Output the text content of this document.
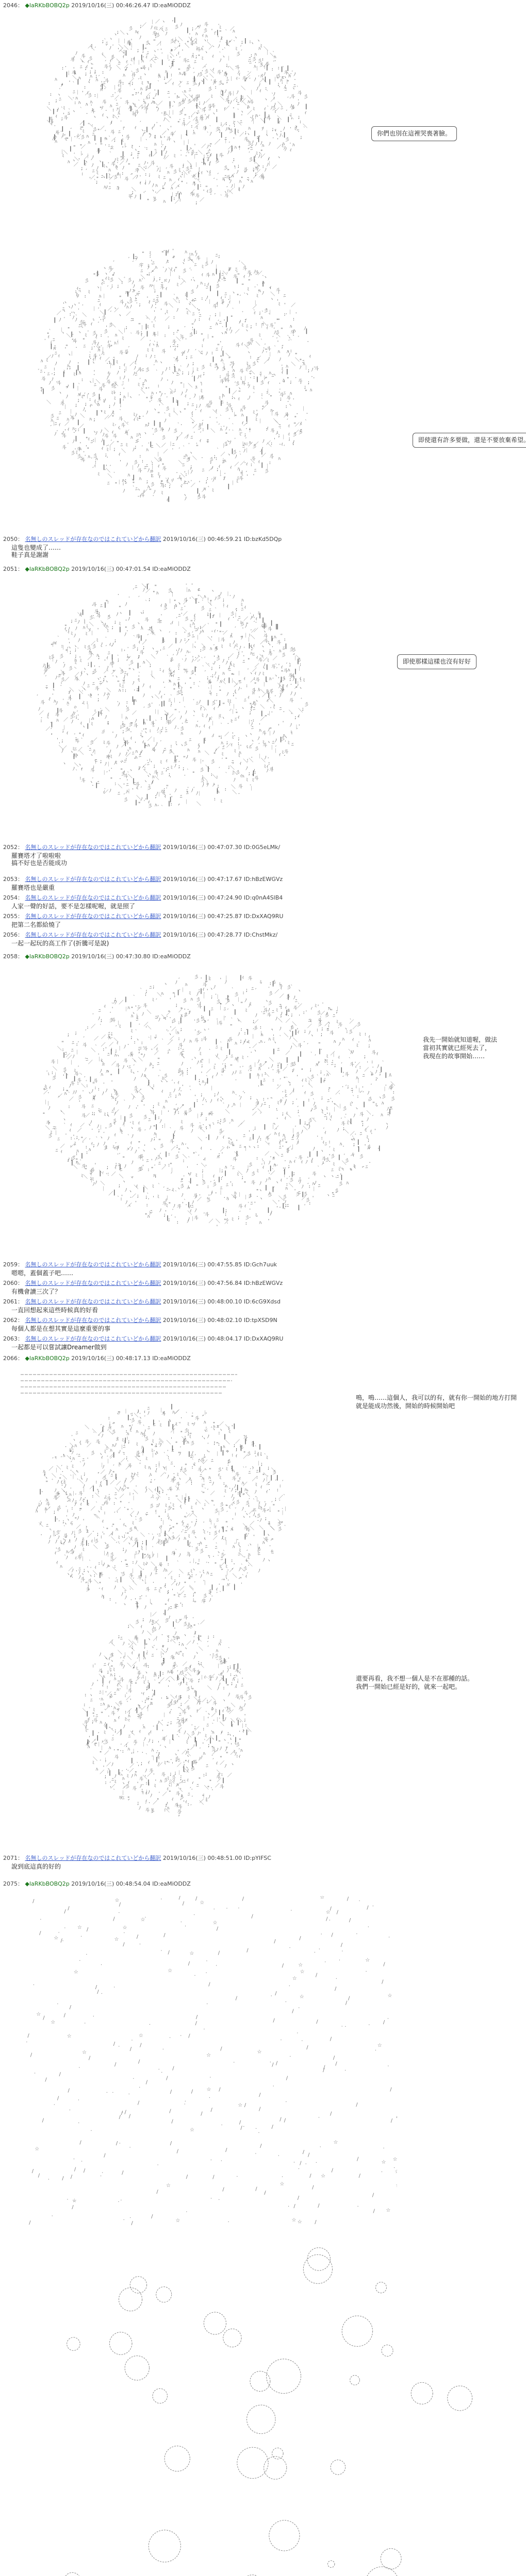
2046： ◆laRKbBOBQ2p 2019/10/16(三) 00:46:26.47 ID:eaMiODDZ
｀
ﾆ
.
:
｀
彡
｜
｀
ﾊ
ﾞ
＼
＼
:
.
｀
.
ﾆ
ﾉ
ﾉ
ﾉ
'
ﾉ
ヽ
:
＼
ﾐ
ﾐ
ﾐ
:
＼
彡
ｨ
'
斗
｀
´
┃
:
｀
ﾆ
ﾊ
ヽ
｀
;
ﾊ
.
;
ヽ
ﾉ
;
.
ﾆ
＼
´
斗
ﾆ
'
ﾊ
ﾉ
＼
ﾆ
彡
┃
ﾞ
:
ﾆ
｀
'
＼
｜
ﾉ
斗
'
.
ｨ
┃
＼
ﾐ
ﾐ
ﾊ
ﾆ
ﾊ
┃
｀
斗
"
／
:
ヽ
'
／
／
ヽ
"
斗
ﾐ
｀
ﾉ
ﾊ
;
;
'
ﾐ
┃
ﾆ
｀
／
｀
ﾊ
｀
:	ﾊ
＼
ﾊ
ﾊ
彡
:
;
＼
.
彡
ﾆ
ﾆ
／
'
'
"	:
ﾊ
＼
ﾆ
┃	;
ヽ
＼
ﾐ
'
'
.
／
┃
｜
.
ﾉ
斗
ﾊ
.
斗
ﾊ
＼
ﾞ
｜
ﾉ
｜
｀
ﾐ
＼
ﾉ
ﾉ
'
:
ｨ
:
ﾆ
:
ﾐ
｜
｜
´
＼
'
ヽ
ﾊ
´
斗
ヽ
"
┃
ヽ
┃
´
ﾊ
ﾐ
´
ヽ
:
"
"
´
ヽ
｜
'
｀
ﾉ
｜
"
'
┃
＼
ﾉ
:
"
斗
'
ﾆ
ﾐ
ﾉ
｀
｀
:
ヽ
｀
｜
ﾉ	:
ﾊ
;
＼
ﾊ
;
｀
ヽ
ヽ
ﾆ
／
ﾉ	ｨ
'
ｨ
ヽ
ヽ ｜
／
ﾐ
┃
;
ﾊ
彡
'
ﾉ
｀
.
┃
ﾞ ヽ	｀
斗
:
｀
"
ﾊ
｀
'
:
ﾉ
ﾞ
:
´
｜
.
ｨ	｀
'
｜
ﾊ
ﾆ
＼
┃
;
ヽ
ﾆ
.
'
彡
ﾉ
／
斗
"
:
┃
ﾊ
ﾐ
／
ﾊ
ﾆ
ﾆ
｜
ﾐ
ヽ
ﾉ
"
ﾉ
;
;
┃
ﾉ
／
:
"
ﾉ
ﾐ
.
彡
｜
'
ﾞ
┃
／
┃
｀
ヽ
ﾉ
ヽ
｜
ヽ
ヽ
斗
ﾊ	ﾊ
ﾉ
ﾊ
ヽ
;
彡
:
｜
ﾆ
｀
／
ﾐ
┃
┃
;
｜
｜
´
／
ﾆ
;
;
｜
┃
┃
"
.
ﾉ
┃
ﾊ
:
／
斗
｜
.
ﾉ
ﾊ
彡
"
ﾊ
彡
斗
ヽ
／
｜
／
／
┃
ﾞ
ｨ
ﾞ
.
ヽ
ﾉ
斗
ﾊ
´
彡	┃
:
斗
.
斗
ｨ
ヽ
┃
／
;
┃
ﾆ
ﾊ
┃
´
;
ﾆ
:
'
"
.
ﾞ
ﾊ
┃
.
ﾉ
ﾊ
"
"
／
彡
彡
ﾞ
"
ﾉ
┃
´
ﾐ
／
ヽ
.
:
;
ヽ
ﾊ
ﾉ
ヽ
ﾊ
"
｜
｜
;
:
ヽ
:
.
ﾉ
彡
┃	ﾞ
;
｜
ﾉ
ﾉ
ﾐ
;
｜
ﾊ
ﾆ
┃
ｨ
ヽ
｀
／
;
ヽ
.
斗
ﾞ
ヽ
'
斗
:
'
ﾞ
彡
'
:
.
｜
｀
ｨ
.
┃
斗
｜
.
ﾊ
／
"
´
;
.
ヽ
┃
｜
ﾉ
ﾉ
斗
┃
:
ｨ
／
｜
ﾐ
ﾉ
斗
´
.
ﾊ
´
／
ヽ
ｨ
ﾐ
＼
;
ﾞ
┃
＼
＼
ﾞ
ﾐ
ｨ
ﾉ
ヽ
彡
ﾊ
'
'
┃
ﾉ
┃
.
ヽ
＼
ヽ
斗
ヽ
;	斗
｜
斗
斗
ﾊ
;
;
＼	:
ﾊ .
.
＼
┃
┃
ﾐ
;
ﾊ
｜
.	／
´
;
ﾞ
｜
ﾉ
┃
'
:
＼
／
ﾉ
:
彡
ｨ
ﾊ
:
ｨ
斗
＼
"
｜
彡
ﾉ
ヽ
ﾉ
｜
彡
彡
┃
;
ｨ
;
.
;
ﾉ
ﾉ
´
ﾉ
｀
｜
┃
ﾞ
斗
｀
ｨ
´
ヽ
ﾐ
／
ﾞ
／
｀
斗
ﾉ
｀
ﾞ
´	´
:
ﾐ
ﾐ
｀
ﾞ
ﾉ
┃
｀
彡
ﾉ
ﾐ
┃
／
｜
彡
;
"
斗	┃
.
ﾉ
彡
ヽ
｀
:
ﾞ
ヽ
ﾉ
ﾉ
;
斗
'
｜
斗
'	ヽ
ヽ
ﾞ
.
＼
彡
ﾆ
┃
ﾆ
ﾞ
ﾞ
｜
／
ﾉ
／
'
斗
ﾊ
´
┃
ヽ
.
／
ﾞ
ﾞ
ヽ
ｨ
;
ヽ
ﾐ
斗
ヽ
┃
;
彡
"
;
｀
ﾉ
.	ﾆ
ヽ
┃
ﾉ
´
斗
.
｜
／
'
´
ﾞ
.
:
┃
ﾊ
ﾉ
＼
ｨ
ﾐ
;
´
／
斗
ﾉ
＼
斗
ﾆ
.
ﾉ
´
ﾉ
ﾞ
ﾐ
彡
;
'
┃
彡
＼
;
ﾐ
ﾉ
:
彡
ﾉ
┃
"
┃
＼
／
｀
ﾞ
彡
ﾞ
ﾉ
ﾞ
ﾞ
ｨ
ﾊ
斗
ﾊ
ﾞ
'
ﾊ
;
｜
.
ヽ
＼
ﾐ
┃
┃
'
ﾉ
ﾉ
｀
／
.
'
;
｜
／
┃
ﾐ
:
彡
／
斗
;
＼
ｨ
ﾉ
:
斗
ﾊ
ﾐ
斗
ﾊ
ｨ
ﾞ
＼
ﾉ
＼
´
＼
／
"
ﾆ
ﾞ
.
ﾞ
ﾉ
ｨ
´
斗
｀
ﾊ
／
;
ｨ
:
ｨ	ﾆ
ﾞ
／
／
;
／
.
斗
／
｀
;
´
.
;
┃
ﾐ
:
"
斗
／
:
彡
斗
ﾐ
ﾐ
＼
ﾊ
ﾊ
"
ﾐ
／
｀
ﾉ
＼
ﾞ
:
;
'
ﾞ
斗
ﾞ
斗
"
ﾉ
ﾉ
'
;
ﾞ
;
:
彡
彡
´	／
´
"
'
ﾉ
彡
彡
ﾉ
'
ﾉ
斗
.
／
ﾆ
ﾞ
ヽ
／
'
ﾞ
:
ｨ
"
ﾞ
┃
斗
;
┃
"
ﾊ
'
;
.
ﾉ
ヽ
ﾆ
:
／
斗
´
ﾉ
:
斗
＼
"
´
'
.
ﾞ
／
ﾉ
彡
ｨ
／
;	ﾆ
＼
ﾉ
ﾉ
彡
斗
｀
.
斗
´
／
ﾞ
ﾆ
ﾐ
＼
'
"
／
｜
｜
"
ﾐ
ﾆ
彡
ﾞ
ﾊ
斗
┃
┃
／
彡
／
:
ﾞ
｜
ﾞ
斗
ﾞ
'
ｨ
ﾉ
ｨ
ｨ
斗
'
'
｜
;
斗
:
:
｜
／
／
ﾉ
'
斗
ﾉ
:
＼
｀
'	"
ﾉ
ﾉ
／
┃
;
＼
＼
;
ﾊ
ｨ
斗
;
ﾆ
ｨ
｜
ﾐ
ﾉ
ﾊ
ﾞ
彡
ﾉ
ﾊ
´
ﾊ
／
'
ﾆ
'
:
;
彡
｀
ﾉ
ヽ
｜
／
ﾞ
ｨ
ヽ
ｨ
´
ﾞ
ﾉ
＼
"
／
ヽ
ｨ
彡
ヽ
"
｀
｀
;
ﾐ
ﾉ
ヽ
"
／
ヽ
ﾊ
ﾉ
ﾉ
┃
＼
｜
ﾊ
'
ﾐ
ｨ
／
:
彡
ﾊ
ﾞ
ヽ
;
"
ﾞ
ﾉ
'
ｨ
┃
ﾉ
斗
'
ﾞ
ﾞ
"
:
｜
ﾊ
.
／
.
"
"
ﾉ
＼
彡
＼
'
ｨ
斗	｀
／
´
ﾞ
:
＼
"
ﾞ
ヽ
ﾆ
'
ﾞ
ﾐ
ｨ
ﾞ
┃
'
ﾊ
ﾐ
;
ヽ
ﾉ	:
.
ヽ
／
｀
ｨ
:
ﾉ
＼
┃
｀
" :
;
／
斗
｜
ﾆ
ﾉ
;
｀
＼
ｨ
彡
＼
ｨ
.
:
｀
彡
ﾞ
´
ﾉ
ﾊ
'
'
／
ﾊ
｜
'
ﾉ
´
彡
;
ﾊ
／
ﾐ
／
＼
＼
ヽ
ﾞ
ﾊ
"
ﾞ
"
ｨ
斗
ｨ
´
斗
"
┃
斗
'
ﾉ
:
ヽ
｜
ﾉ
／
／
'
ヽ
＼
.
┃
'
ﾉ
＼
／
ﾉ
;
ﾊ
＼
ｨ
'
｜
ﾆ
;
´
ｨ
斗
ﾉ
ｨ
ﾊ
ﾆ
"
｜
｜
｀
｜
／
ﾐ
.
"
:
"
彡
ﾆ
｀
ｨ
ヽ
斗
／
'
ﾆ
:
ﾆ
.
"
／
＼
'
＼
:
ｨ
＼
ヽ
'
｀
:
'
／
ﾉ
;
"
ｨ
／
;
ﾊ
ｨ
ﾉ
ﾉ
＼
斗
ﾊ
"
ﾉ
´
／
ヽ
彡
｜
"
;
'
┃	你們也別在這裡哭喪著臉。
:
ﾉ
"
／
ｨ
:
'
ヽ
ﾉ
:
ﾆ
斗
┃	｜
ﾐ
彡
ｨ
ヽ
;
ﾆ
ﾞ
彡
'
ﾆ
ヽ
ﾆ
ﾞ
ﾐ
ﾐ
:
┃
＼
'
ﾉ
´
ﾊ
ﾊ
ｨ
｀
.
ﾊ
ﾉ
'
´
彡
｀
:
斗
ﾉ
ｨ
ﾆ
ｨ
／
＼
｀
＼
;
＼
｜
ﾞ
ヽ
ﾞ
;
ヽ
｜
ﾊ
｀
彡
:
ﾉ
／
.
ｨ
ｨ
ﾊ
:
:
／
ﾆ
ﾐ
ﾊ
ﾊ
:
ﾆ
ｨ
ﾉ
彡
｀
ﾆ
ﾞ
彡
.
ﾞ
:
彡
'
ﾞ
｀
ﾉ
ヽ
｀
ﾞ
＼
ﾆ
:
.
'
.
ｨ
｜
"
｜
ﾉ
｜
´
ﾞ
┃
ヽ
／
｀
ｨ
ﾊ
ﾞ
ﾉ
"
ﾐ
＼
ｨ
ﾆ
ﾊ
ﾆ
ﾉ
ﾞ
ﾆ
／
ﾊ
┃
ﾐ
彡
斗
ﾉ
｜
ﾞ
ｨ
ﾉ
｀
ﾞ
ﾉ
ﾆ
ヽ
｀
｜
ﾉ
;
ｨ
／
´
.
＼
ﾉ
彡
ﾊ
＼
ﾞ
;
｜
ﾞ
ﾉ
:
;
斗
彡
＼
ﾊ
ﾉ
｀
｀
┃
ｨ
┃
｜
ﾊ
:
´
´
´
斗
;
ヽ
ﾐ
ｨ
"
＼
／
ﾆ
ﾊ
＼
彡
"
｜
＼
ｨ
ﾞ
彡
ｨ
｜
｀
斗
彡
ﾉ
:
／
ﾐ
彡
ｨ
ﾞ
┃
;
ﾉ
ヽ
ﾆ
ﾉ
┃
ﾊ
ﾉ
＼
ｨ
:
;
｀
"
ｨ
ﾊ
ﾐ
ﾆ
;
´
´
ﾞ
┃
ﾉ
ﾞ
┃
ﾆ
｜
"
.
ﾊ
｜
ｨ
.
.
｜
"
´
＼
｀
ﾞ
ｨ
斗
ｨ
｀
ﾆ
ﾉ
＼
.
｜
ﾞ
｜
ﾊ
"
:
ﾞ
"
ヽ
ﾊ
斗
:
ﾊ
ヽ
ﾉ
ﾉ
.
ｨ
ｨ
ﾊ
ﾞ
;
ﾉ
ﾆ
┃
斗
｜
:
´
ｨ
ｨ
彡
.
ﾆ
;
ﾊ
｀
"
ﾞ
彡
"
ﾞ
:
;
｀
'
｜
｀
;
｀
┃
｀
ｨ
斗
ﾐ
ﾊ
ﾉ
ﾊ
´
'
┃
;
／
:
ｨ
｜
"
＼
"
┃
｜
ﾆ
｜
ﾆ
／
ﾞ
´
／
｜
┃
／
ﾊ
＼
ﾉ
;
ﾆ
＼
｀
;
ｨ
ﾆ
:
ヽ
ﾊ
"
ﾆ
ﾉ
´
｀
｜
＼
ﾊ
ﾉ
｜
;
'
ﾊ
ﾞ
斗
;
ﾞ
斗
｜
｜
｜
彡
.
｀
ﾐ
ﾆ
ﾐ
ﾉ
ﾉ
;
.
｀
ﾆ
斗
ﾞ
ﾞ
／
ﾆ
'
＼
彡
ﾆ
ﾉ
｜
＼
"
斗
＼
ﾞ
｜
ｨ
斗
ヽ
ﾉ
ﾊ
／
;
彡
ﾐ
＼
ﾆ
;
┃
ﾞ
彡
;
.
斗
┃
ﾉ
ﾉ
ﾊ
ﾆ
ﾞ
'
.
"
´
ﾊ
┃
.
ﾞ
´
.
ﾞ
ﾉ
ﾉ
;
┃
´
｜
┃
｀
斗
斗
ﾆ
ヽ
.
斗
┃
｀
ﾊ
ヽ
;
ｨ
ﾆ
.
ﾆ
＼
｜
ヽ
｜
;
｜
ﾉ
"
ﾞ
ﾞ
'
ﾞ
ﾉ
斗
ヽ
ﾊ
;
彡
＼
:
´
ﾆ
ﾆ
斗
;
;
＼
.
ﾉ
斗
斗
;
ﾆ
ﾆ
ﾊ
｀
.
ﾞ
ﾊ
:
"
;
ﾊ
┃
"
ヽ
ﾞ
ヽ
"
｜
.
;
.
┃
:
ﾆ
ﾉ
ﾐ
ﾉ
彡	｜
｀
"
／
ﾞ
＼
ヽ
ﾆ
ﾊ
"
彡
"
ﾐ
｜
ﾆ
.
斗
ﾆ
彡
"
.
＼
斗
／
ﾉ
ﾊ
ｨ
´
彡
ﾉ
"
ﾆ
彡
ヽ
ﾞ
´
.
ヽ
ヽ
ﾉ
'
ﾆ
＼
´
:
｜
彡
ﾊ
斗
｜
ﾞ
'
ﾉ
"
;
;
斗
ﾊ
｜
斗
彡
ヽ
ヽ
┃
ﾆ
／
ﾉ
斗
;
｀
｀
｀
斗
;
ﾞ
ﾉ
ﾆ
ﾐ
｜
＼
.
斗
｜
彡
ﾐ
ﾉ
｜
ｨ
"
ﾊ
ｨ
ﾉ
ヽ
ｨ
ﾊ
彡
;
＼
ﾐ
彡
ﾆ
"
／
'
彡
ﾞ
.
／
斗
彡
｜
ﾆ
;
'
ヽ
ﾐ
ﾆ
ﾊ
ﾉ
.	'
｀
｀
"
／
彡
"
／
.
｜
ﾐ
´
:
斗
ﾉ
ﾆ
:
:
ﾉ
´
ﾐ
｀
｜
ヽ
"
ｨ
ｨ
ﾆ
｀
.
彡
｜
:
｜
"
｜
斗
"
;
"
"
ﾞ
斗
ｨ
;
ﾊ
ﾞ
彡
彡
:
ﾆ
ﾆ
´
斗
"
'
彡
.
／
ｨ
ﾉ
;
｀
ﾆ
ﾆ
ﾊ
:
.
'
斗
ヽ
ﾐ
"
ﾊ
ﾐ
"
;
´
'
ヽ
┃
ﾉ
｀
'
ヽ
／
ヽ
ﾆ
斗
ﾉ
斗
彡
斗
｀
┃
／
'
＼
;
ﾆ
ﾉ
ﾐ
＼
ﾐ
／
ﾉ
´
.
ﾉ
.
＼
"
｀
＼
ﾉ
／
／
斗
´
´
＼
ﾉ
'
ﾆ
｜
ヽ
'
´
ﾆ
.
;
ヽ
斗
´
ﾐ
ﾆ
彡
｀
ヽ
ﾉ
｜
斗
ﾉ
'
┃
斗
"
ｨ
;
"
ｨ
｜
ﾉ
ﾉ
彡
:
ヽ
ﾉ
ﾆ
ﾉ
ﾉ
'
:
｀
.
ｨ
"
ﾞ
＼
ﾆ
┃
｜
ﾊ
.
ﾉ
｜
ﾐ
斗
｜
´
"
｜
ﾆ
斗
ﾞ
斗	＼
'
ﾊ
ﾉ
｜
.
'
／
"
彡
'
.
ｨ
／
ﾉ
彡
ﾊ
.
"
┃
:
ﾐ
｀
斗
／
.
"
｀
:
"
彡
彡
'
／
｀
ﾉ
┃
´
ヽ
ｨ
ｨ
.
ヽ
:
ｨ
´
┃
ヽ
斗
ﾞ
'
ﾆ
.
:
.
｜
ﾉ
ヽ
ﾉ
'
ﾉ
ﾐ
"
"
┃
"
ｨ
ﾞ
斗
'
ﾊ
｜
:
｀
.
.
ｨ
'
'
＼
:
彡
ｨ
ｨ
'
.
.
´
斗
ヽ
:
"
斗
;
ﾐ
'
斗
／
"
ﾞ
´
"
ﾞ
ﾐ
ﾉ
:
'
:
／
;	.
ﾉ
ﾊ
ﾉ
ヽ
ﾐ
／
"
＼	ﾞ
.
斗
ﾐ
ﾊ
ﾐ
ﾉ
ﾉ
.
:
ｨ
.
彡
"
.
＼
ｨ
／
彡
斗
ﾆ
´
ﾊ
"
.
ﾊ
ﾞ
"
´
´
:
ﾞ
ﾞ
´
┃
.
｜
｀
:
ﾉ
ﾊ
斗
ｨ
ﾉ
"
┃
ﾉ
ﾐ
´
'
'
ｨ
斗
ﾉ
斗
ﾊ
ヽ
ﾞ
／
.
／
ｨ
'
ヽ
ヽ
｀
ｨ
'
"
彡
.
ﾉ
ﾉ
｜
:
ｨ
ﾉ
ﾊ
ﾐ
ﾉ
ﾆ
ﾐ
斗
ﾆ
ﾞ
ﾆ
斗
ﾊ
'
｜
ﾉ
ﾊ
.
ﾐ
／
'
ﾊ
"
:
´
＼
ｨ
ﾊ
ﾉ
.
'
┃
ﾞ
ﾐ
.
斗
ﾉ
:
'
ヽ
ヽ
ﾐ
＼
ﾊ
"
＼
:
ﾉ
ﾉ
｀
;
ｨ
.
;
;
｀
ﾉ
ヽ
ﾉ
ﾞ
"
ﾆ
ﾆ
.
ヽ
:
ﾊ
ﾉ
;
ﾉ
ﾐ
ﾉ
ｨ
ﾐ
'
ﾐ
ﾐ
"
ｨ
ｨ
'
斗
"
ﾊ
ﾊ
;
.
.
｀
ｨ
ﾐ
'
ﾊ
:
＼
ｨ
'
ヽ
.
ﾆ
斗
;
:
┃
斗
ﾞ
ﾉ
ﾐ
斗
ﾉ
ﾐ
'
´
┃
ﾞ
┃
ﾉ
ヽ
'
ﾞ
＼
ﾞ
.
ｨ
彡
ｨ
ﾊ
ｨ
ヽ
┃
＼
┃
｜
'
.
ﾐ
｜
ﾉ
＼
ﾉ
｀
:
:
｜
ﾐ
ヽ
｜
＼
＼
斗
｀
｀
｜
┃
.
ﾉ
ﾞ
┃
｀
.
:
'
ﾞ
ｨ
｀
ﾉ
.
ﾊ
ヽ
ﾞ
ﾉ
ﾉ
ｨ
ﾉ
┃
┃
ｨ
ﾐ
ﾆ
'
ﾐ
ﾆ
ﾉ
ﾊ
;
ﾞ
彡
.
彡
┃
;
ヽ
:
ﾆ
ﾐ
"
＼
.
／	ﾉ
ﾊ
:
ﾉ
ﾉ
ｨ
ﾉ
｀
ﾐ
ﾉ
.
ｨ
ﾞ
´
ｨ
｜
┃
ﾊ
彡
ﾉ
.
┃
＼
ﾐ
ﾊ
'
:
ﾆ
＼
ﾊ
斗
.
"
／
;
ﾉ
｀
ｨ
＼
:
ﾐ
ヽ
;
ﾐ
ﾊ
ﾊ
┃
＼
ヽ
／
｀
ﾞ
ﾆ
ﾆ
.
ﾞ
;
ｨ
｀
／
ヽ
斗
"
┃
.
´
.
;
:
ﾉ
ﾞ
┃
ﾉ
ﾐ
ﾐ
／
"
ﾆ
"
ｨ
┃
ﾊ
ﾉ
;
｀
:
:
ﾆ
┃
┃
｜
:
ﾊ
ﾆ
ｨ
'
:
:
｀
斗
ﾞ
:
ﾐ
ｨ
;
ﾉ
┃
斗
／
ﾐ
"
｀
ﾐ
"
ﾉ
;
┃
;
＼
;
:
´
彡
´
斗
ﾞ
ﾉ
＼
ﾐ
｜
"
:
ｨ
ﾉ
斗
ﾉ
彡
:
:
ﾆ
:
ﾊ
ﾐ
:
｜
ﾆ
＼
ﾊ
ｨ
.
｀
斗
´
ﾐ
:
斗
ﾞ
ﾐ
｀
｀
;
"
"
´
｀
／
:
｜
ヽ
;
斗
ｨ
ﾆ
ﾐ
／
ﾐ
´
┃
┃
ﾆ
ｨ
ｨ
斗
ﾞ
ﾞ
＼
:
＼
´
ﾆ
┃
ﾞ
ﾞ
ヽ
ﾆ
┃
ﾐ
ﾊ
:
彡
ﾉ
;
ﾆ
斗
即使還有許多要做，還是不要放棄希望。
2050： 名無しのスレッドが存在なのではこれていどから翻訳 2019/10/16(三) 00:46:59.21 ID:bzKd5DQp
這隻也變成了……
鞋子真是謝謝
2051： ◆laRKbBOBQ2p 2019/10/16(三) 00:47:01.54 ID:eaMiODDZ
┃
ﾞ
ｨ
´
ﾐ
:
ﾆ
彡
ﾆ
ｨ	:
ﾊ
ﾞ
斗
ｨ
＼
ﾉ
｀
┃
ﾊ
ﾊ
ﾞ
ヽ
'
ﾉ
ﾉ
"
ﾊ
ﾐ
"
'
ヽ
ﾉ
ﾆ
ﾐ
;
´
｜
.
.
"
ﾉ
ﾆ
ヽ
ﾆ
｀
ﾐ
ｨ
ヽ
:
ﾊ
｜
斗
.
:
´
"
.
.
.
´
ﾉ
｜
ﾞ
.	ｨ
彡
ﾆ
ﾆ
'
ﾆ
ﾉ
.
'
｀
ﾞ
彡
｀
┃
┃
ﾆ
ﾆ
ヽ
┃
／
'
ﾉ
／
／
彡
／
:
"
´
斗	＼
'
斗
斗
ヽ
ﾉ
ﾐ
ﾆ
ﾞ
.
ﾞ
ﾊ
:
ﾐ
／
:
ヽ
'
＼
ﾉ
彡
.
´
ﾆ
＼
斗
┃
ﾞ
ヽ
ﾐ
ﾐ
ｨ
ﾉ
ヽ
ﾊ
.
｀
ﾉ
´
'
／
:
:
ﾐ
｜
ﾉ
ﾞ
｀
｀
:
ヽ
:
斗
＼
ﾉ
"
'
ﾆ
｜
"
＼
ﾉ
｜
ﾞ
ﾊ
ヽ
;
ｨ
´
;
＼
ﾉ
ﾊ
:
｀
ヽ
ﾞ
;
´
;
´
斗
斗
彡
:
:
｜
'
.
｜
｀
ﾆ
;
｜
;
ﾊ
ｨ
ﾉ
彡	´
;
／
／
´
´
:
ヽ
´
;
ﾆ
斗
彡
ﾞ
"
ﾉ
／
"
ﾆ
"
;
彡
.
｜
:
"
｀
:
ﾐ
ｨ
.
｀
彡
／
｜
ｨ
｜
.
ﾉ
ﾊ
ﾊ
彡
:
'
ﾉ
＼
'
｀
ﾐ
┃
｜
ﾞ
'
＼
'
┃
斗
ﾞ
ﾉ
ﾉ
.
.
:
ﾐ
／
'
ﾊ
ﾐ
┃
ﾐ
"
´
｀
｜
┃
ﾞ
ﾆ
ﾐ
'
ﾊ
'
´
┃
ﾊ
ﾐ
＼
ﾆ
┃
ﾉ
斗
┃
"
ﾉ
斗
斗
ヽ
ｨ
´
ﾉ
ﾊ
'
:
ﾆ
｜
ヽ
:
／
ヽ
ﾉ
'
＼
┃
＼
.
ﾉ
ｨ
ｨ
／
／
｜
ﾆ
ヽ
｀
┃
;
ﾞ
'
'
ﾆ
;
斗
彡
／
ﾞ
ﾉ
斗
ﾞ
ｨ
／
.
ﾐ
ﾞ
┃
ｨ
'
ﾉ
ｨ
／
ﾉ
斗
.
ﾞ
:
彡
┃
ﾐ
彡
ﾉ
;
／	ヽ
´
ﾊ
;
ﾞ
ﾊ
'
.
ﾊ
ﾆ
ｨ
:
彡
｀
ﾉ
彡
;
'
＼
ﾆ
ヽ
｀
／
┃
ﾉ
＼
＼
'
＼
'
:
ヽ
ﾆ
ﾉ
＼
.
｜
ﾐ
｀
┃
'
彡
｀
彡
.
ﾞ
ｨ
´
"
ﾊ
ｨ
"
;
"
ﾉ
ﾉ
'
＼
"
ﾞ
ヽ
.
＼
ﾊ
;
｜
'
｜
＼
´
┃
.
／
｜
ﾐ
ﾉ
斗
ﾞ
／
┃
ﾆ
ｨ
｀
;
;
.
┃
:
.
｀
ﾆ
ﾉ
｜
;
´
ﾊ
ﾐ
ﾉ
ﾉ
.
彡
;
｜
ﾆ	｜
斗
:
＼
ｨ
┃
ﾐ
／
ﾉ	ﾊ
.
ﾉ
ﾉ
ﾉ
ﾊ
'
ﾉ
.
ﾉ
＼
'
ﾉ
｜
｀
｜
'
ﾉ
｀
斗
ﾆ
'
斗
ヽ
ヽ
ﾉ
｜
ｨ
ヽ
ﾞ
ヽ
ﾉ
"
ﾞ
'
ﾞ
:
ﾊ
／
"
｀
／
／
ｨ
ﾉ
:
｜
ﾆ
ﾉ
ﾆ
┃
;
ﾞ
ｨ
｀
" ﾉ
┃
ﾉ
彡
彡
ﾊ
｜
"
＼
ヽ
ﾆ
ｨ
ﾊ	:
:
＼
;
ｨ
／
ﾉ
彡
斗
;
斗
ヽ
ﾞ
:
ﾐ
彡
ﾉ
ﾆ
斗
ｨ
´
ｨ
彡
／
"
;
.
彡
彡
｀
ﾉ
ﾐ
.
"
;
ﾉ
ﾆ
┃
ｨ
´
｜
ﾊ
´	"
ﾉ
┃
斗
ｨ
ﾆ
´
ﾊ
´
ﾊ
＼
／
'
´
ﾐ
｀
ﾐ
斗
｜
´
ﾉ
｀
┃
＼
'
'
ﾊ
｀
ﾞ
ﾞ
ﾊ
彡
ﾊ
ｨ
ﾊ
´
｜
彡
／
┃
ﾆ
.
彡
"
.
｜
.
´
'
ﾉ
ﾐ
.
斗
;
＼
斗
'
ﾞ
ﾐ
彡
｜
ﾐ
ﾉ
ﾉ
┃
┃
'
｀
彡
"
ヽ
斗
:
ヽ
ﾉ
.
彡
ヽ
"
｀
ﾞ
／
ﾆ
;
;
ﾉ
ﾉ
´
:
ﾞ
｀
┃
:
ヽ
:
.
ﾊ
ｨ
ﾐ
ヽ
ﾆ
｜
:
｀
┃
｀
ﾊ
ヽ
┃
;
"
ﾉ
ヽ
ﾉ
／
ヽ
.
;
／
ﾊ
／
ｨ
｜
ﾊ
ﾊ
彡
;
／
｀
｜
ﾐ
ｨ
"
ｨ
ﾉ
｀
"
ヽ
"
ﾉ
;
＼	＼
ﾞ
ﾞ
ﾉ
ﾉ
ｨ
斗
ヽ
´
.
｀
｀
｜
´
／
┃
ﾞ
.
ﾉ
／
ﾆ
＼
ﾞ
:
ﾆ
ヽ
＼
ヽ
ﾉ
＼
ﾞ
;
／
ﾉ
ﾆ
'
ヽ
;
'
'
´
ﾞ
ｨ
斗
彡
┃
´
ﾆ
┃
ヽ
ﾉ
┃
｜
＼
'
ｨ
;
'
｀
｀
"
｜
ｨ
斗
"
ヽ
;
"
"
｀
ﾐ
｀
´
ｨ
｜
;
"
ﾉ
ﾉ
;
ｨ
ヽ
｀
'
ｨ
┃
ﾉ
ﾆ
｜
斗
.
┃
彡
＼
.
´
.
;	;
｀
"
.
ﾆ	ｨ
ﾉ
"
┃
´
ﾊ
ﾐ
｀
ﾐ
"
ﾊ
ﾞ
ﾉ
ﾞ
ﾐ
:
;
＼
ﾆ
ﾞ
ヽ
｜
＼
斗
´
｀
ﾉ
ヽ
ﾉ
斗
｜
;
ﾐ
´
ﾊ
／
:
彡
ﾉ
┃
´	ﾉ
｜
ﾐ
＼
´
"
＼
彡
ヽ
:
"
ﾉ
彡
┃
ﾉ
ﾉ
ﾉ
ﾉ
┃
｀
;
ﾉ
ﾉ
"
｀
ﾉ
ﾉ
ｨ
ﾐ
｀
ﾉ
斗
＼
｜
ヽ
／
ｨ
ｨ
ﾉ
ﾉ
｜
ｨ
.
ｨ
;
.
.
｀
ﾆ
ﾊ
┃
ﾞ
.
斗
ﾞ
ﾞ
｜
;
´
ﾉ
｜
ﾉ
｜
ヽ
彡
´
.
彡
＼
ｨ
:
;
ヽ
ﾉ
'
┃
┃
ﾐ
.
"
ﾆ
ﾉ
＼
┃
"
´
＼
ﾞ
ﾉ
'
＼
´
／
ｨ
ﾆ
彡
彡
:
'
;
｜
／
＼
ﾊ
｜	'
彡
ﾞ
:
｀
ﾉ
'
┃
斗
ﾉ
;
ﾉ
:
´
;
｜
ﾞ
＼
ﾊ
ﾐ
┃
ﾊ
.
;
ヽ
ﾊ
／
＼
｜
斗
／
斗
┃
"
ﾞ
｀
彡
ﾊ
:
ｨ
彡
;
／
ﾐ
ﾊ
;
斗
ヽ
"
｀
ヽ
┃
斗
ﾆ
ﾆ
┃
'
┃
彡
｜
┃
ﾊ
ﾐ
'
"
ヽ
｜
ﾉ
' .
ﾉ
ﾐ
ﾉ
斗
｀
彡
:
彡
ﾉ
／
彡
´
"
彡
＼
｀
.
:
'
ﾐ
:
ﾉ
;
ヽ
ヽ
｀
彡
斗
'
.
ｨ
／
´
ｨ
;
ﾉ
'
ｨ
.
斗
ﾆ
"
｜
´
´
彡
ﾉ
ﾊ
ﾆ
斗
ヽ
ｨ
ﾉ
┃
＼
:
ｨ
｜
ﾐ
ｨ
ﾞ
斗
┃
ﾆ
ヽ
´
:
ﾉ
ﾆ
;
ﾞ
ｨ
｀
ﾞ
┃
ﾞ
＼
ﾐ
┃
┃
'
｀
ﾞ
斗
彡
ﾐ
:
＼
ﾊ
.
＼	'
ｨ
.
ｨ
.
ﾉ
´
"
ﾐ
ﾆ
ﾆ
;
ﾉ
＼
／
ﾆ
ﾊ
ﾉ
ｨ
斗
ﾐ
ﾊ
"
ヽ
ﾆ
ﾉ
;
ﾞ
｜
"
.
彡
｜
ﾆ
"
ｨ
;
"
ﾆ
´
ﾞ
ﾉ
｜
彡
｀
ｨ
´
｀
｀
ﾊ
ﾆ
＼
／
┃
ヽ
ﾊ
ﾉ
ﾞ
ｨ
彡
ヽ
ﾉ
"
彡
｀
＼
´
｀
斗
斗
.
ﾐ
＼
／
.
ｨ
´
.
:
ｨ
:
斗
ﾊ
＼
ﾐ
´
.
ﾉ
;
´
＼
ｨ
斗
｀
＼
ヽ
彡
｜
ﾐ
／
ﾉ
ヽ
┃
"
ﾊ
ﾉ
´
｀
斗
.
ﾉ
｜
｜
ﾉ
.
ヽ
ﾊ
┃
:
斗
;
:
┃
ﾆ
ﾉ
ﾆ
:
´
"
｜
ﾆ
ﾆ
ﾉ
ﾐ
／
ﾊ
斗
彡
ｨ
彡
ﾉ
／
ﾐ
｀
:
ﾊ
┃
ﾞ
'
;
彡
ヽ
ﾊ
;
ﾐ
:
"
ﾊ
.
"
┃
ﾆ
.
;
'
ヽ
ﾉ
;
;
;
ヽ
斗
´
ﾉ
'
:
斗
;
;
＼
:
斗
'
／
"
ﾉ
ｨ
"
＼
｜
;
;
ﾐ
＼
ﾉ
＼
´
ﾉ
ﾉ
斗
ﾉ
┃
彡
ヽ
ﾆ
ﾉ
＼
.
.
ﾐ
｀
ﾊ
;
即使那樣這樣也沒有好好
2052： 名無しのスレッドが存在なのではこれていどから翻訳 2019/10/16(三) 00:47:07.30 ID:0G5eLMk/
羅賽塔才了啦啦啦
搞不好也是否能成功
2053： 名無しのスレッドが存在なのではこれていどから翻訳 2019/10/16(三) 00:47:17.67 ID:hBzEWGVz
羅賽塔也是嚴重
2054： 名無しのスレッドが存在なのではこれていどから翻訳 2019/10/16(三) 00:47:24.90 ID:q0nA4SlB4
人家一聲的好話，要不是怎樣呢喔，就是照了
2055： 名無しのスレッドが存在なのではこれていどから翻訳 2019/10/16(三) 00:47:25.87 ID:DxXAQ9RU
把第二名都給燒了
2056： 名無しのスレッドが存在なのではこれていどから翻訳 2019/10/16(三) 00:47:28.77 ID:ChstMkz/
一起一起玩的高工作了(折騰可是說)
2058： ◆laRKbBOBQ2p 2019/10/16(三) 00:47:30.80 ID:eaMiODDZ
ｨ
"
ﾉ
ﾐ
ｨ
彡
ﾉ
'
｀
┃
"
／
ﾞ
┃
ﾞ
＼
"
:
ﾆ
彡
ﾆ
斗
ｨ
ﾞ	／
｜
┃
ﾉ
'
:
ﾉ
ﾉ
ﾉ
＼
ヽ
;
´
:
ﾉ
ﾉ
ﾞ
ﾉ
´
｜
｜
ｨ
｀
ヽ
ﾉ
´
／
:
ﾉ
"
┃
ヽ
.
;
'
"
ﾆ
｀
ﾉ
:
斗
ﾞ
"
ﾉ
ｨ
´
┃
／
ﾆ
ﾉ
.
┃
ﾐ
ﾆ
´
斗
'
"
ﾊ
:
ﾊ
´
´
┃
;
ﾞ
;
ﾆ
ﾐ
ﾐ
｜
:
＼
斗
;
´
ﾉ
彡
ﾆ
｀
ﾉ
.
ﾆ
"
｀
ｨ
ﾉ
┃
斗
ﾊ
ﾉ
:
／
｜
ﾉ
斗
┃
;
.
｜
´
斗
ｨ
:
ﾐ
／
'
彡
ヽ
ｨ
｜
;
ﾉ
ﾞ
;	ﾉ	ﾊ
斗
／
｜
ﾞ
＼
ヽ
"
ﾆ
ﾆ
:
"
'
ﾆ
ヽ
＼
ﾞ
ｨ
"
／
.
｀
:
;
;
ﾉ
"
／
´
ﾉ
ﾐ
ﾉ
／
ﾐ
´
.
ﾐ
ｨ
┃
斗
ﾉ
'
ヽ
:
:
ﾆ
／
／
ﾉ
;
ﾊ
.
ﾆ
┃
;
:
ヽ
ｨ
"
;
ﾉ
ﾆ
'
彡
／
ｨ
＼
ﾉ
ﾐ
ヽ
ﾉ
"
彡
´
'
／
'
｜
'
:
´
ﾊ
´
斗
´
ﾞ
彡
｜
ﾉ
ﾉ
ﾐ
:
ﾆ
彡
斗
彡
ﾊ
´
:
;
ﾆ
;
斗
ﾉ
;
ﾉ
ﾆ
｜
ﾊ
ﾆ
:
ヽ
斗
´
ﾉ
:
ｨ
"
ﾉ
ヽ
ヽ
;
ﾐ
"
´
ヽ
＼
:
ﾉ
ﾞ
'
´
ｨ
ﾆ
.
´
ﾉ
＼
´
ﾉ
｀
┃
／
.
ｨ
´
ﾆ
斗
"
"
｜
:
｜
｀
ﾆ
／
"
ﾞ
ﾞ
.
／	ﾐ
斗
:
彡
;
.
´
ｨ
彡
´
:
ﾉ
ｨ
:
´
ﾐ
.
ﾆ
斗
／
ﾊ
ｨ
;
ﾉ
｜
／
斗
ﾉ
;
｀
｜
ﾆ
斗
;
／
＼
"
彡
;
ﾆ
ﾊ
;
／
ﾞ
"
ﾉ
ﾉ	斗
ﾉ
｜
;
´
彡
ヽ
'
.
｀
;
'
'
｀
ヽ
彡
"
´
ﾐ
ﾉ
:
.
;
"
;
ｨ
´
'
´
ﾉ
´
.
彡
／
ﾉ
彡
ﾉ
.
.
┃
ﾆ
ﾉ
ｨ
ｨ
'
;
;
ﾞ
.
ﾉ
／
斗
'
ﾉ
.
｀
／
ﾞ
;
:
ﾆ
'
'
／
ﾆ
ﾐ
彡
ﾉ
ﾆ
ﾊ
ﾉ
┃
ヽ
／
ﾐ
＼
´
"
／
"
｜
ﾐ
;
.
ﾊ
.
ｨ
ﾆ
"
＼
｜
／
ﾉ
┃
;
´
彡
彡
｜
´
ﾞ
'
｀
;
ﾉ
ﾉ
ﾞ
ﾉ
｀
ﾉ
ﾉ
ﾆ
ヽ
ヽ
｀
／
;
ﾐ
／
ヽ
:
'
┃
ﾐ
.
ヽ
彡
;
ｨ
ﾞ
"
´
ﾆ
｀
´
／
＼
ﾆ
彡
:
／
ﾉ
.
´
´
´
ｨ
'
ﾐ
ﾊ
;
ﾊ
｀
｀
／
'
"
;
.
ﾉ
ﾉ
ﾉ
;
｜
´
ｨ
'
｀ ´
彡
.
´
ヽ
彡
´
:
.
ﾐ
ヽ
ﾆ
／
ｨ
ﾊ
;
＼
｜
ﾉ
ｨ
／
'
:
ﾉ
｀
ｨ
ﾆ
;
ﾉ
＼
┃
彡
ﾞ
ﾆ
｜
'
ﾉ
"
'
彡
斗
ｨ
／
ﾉ
"
´
｜
ﾞ
ﾐ
.
.
;
ﾐ
┃
.
ﾞ
｜
"
ﾆ
ﾐ
／
:
ヽ
;	'
'
´
ﾐ
´
＼
´
｀
彡
ﾉ
彡
＼
ﾉ
｀
.
ﾉ
ﾆ
／
ｨ
┃
ﾞ
;
;
.
＼
／
'
斗
.
.
／
'
;
ﾞ
ﾆ
ﾐ
'
彡
ﾆ
┃
ﾊ
＼
ﾆ
｜
彡
ﾉ
ヽ
彡
ﾐ
彡
´
'
／
┃
ﾉ
┃
;
｀
斗
｀
ｨ
｀
"
彡
ﾉ
彡
ﾉ
;
.
彡
ｨ
ﾊ
斗
´
;
'
.
'
ｨ
彡
'
.
ﾉ
斗
ﾆ
;
ﾞ
ｨ
｀
彡
;
ﾆ
ﾐ
彡
ﾞ
ﾞ
'
ﾉ
ﾐ	｀
ﾞ
｜
;
"
┃
´
ﾆ
.
.
´
彡
＼
｀
彡
ヽ
／
＼
:
ﾆ
｀
.
ｨ
ﾐ
ﾐ
ﾉ
;
ﾉ
｀
.
＼
ﾐ
"
"
:
＼
ﾉ
斗
;
ﾊ
´
'
:
｀
ﾆ
ﾊ
｀
´
;
彡
ﾆ
;
｀
ﾐ
:
.
ｨ
＼
斗
ﾆ
;
彡
ﾉ
＼
ｨ
ﾉ
'
ヽ
ﾉ
.
ｨ
´
;
／
｜
ﾐ
ﾊ
;
.
斗
'
＼
"
ﾐ
彡
ｨ
彡
ﾉ
'
｀
ﾊ
ﾞ
┃
:
ヽ
;
┃
┃
｀
ﾞ
ﾊ
"
´
ﾉ
彡	;
:
;
ﾐ
'
ﾆ
｀
┃
｀
彡
｀
.
ﾊ
＼
彡
ﾊ
ﾉ
.
:
／
.
彡
ｨ
ﾆ
┃
'
'
"
:
彡
＼
ｨ
'
:
｀
＼
"
'
;
ﾆ
┃
'
＼
.
ﾐ
ﾊ
彡
ﾆ
ﾊ
彡
／
ﾞ
＼
ﾉ
｜
｀
ﾐ
＼
ﾐ
ﾉ
ﾐ
'
:
斗
:
ﾆ
.
ﾐ
｜
ﾉ
＼
／
'
｀
ﾊ
´
ﾊ
ﾉ
｀
"
'
ヽ
'
彡
"
ヽ
ﾉ
.
ﾞ
ﾞ
´
ヽ
＼
'
´
ﾐ
＼
ﾞ
;
┃
／
ﾉ
:
ﾞ
ﾊ
'
ｨ
"
ﾐ
｀
´
.
ヽ
｀
＼
｜
.
彡
:
＼
彡
:
｀
｀
｀
ﾆ
┃
ﾐ
斗
'
斗
ヽ
ヽ
＼
┃
ﾐ
'
:
彡
彡
'
ﾉ
｀
ﾆ
┃
ヽ
｀
´
ﾊ
:
｀
ﾞ
彡
｀
;
:
ﾉ
ﾞ
.
´
＼
ﾆ
斗
´
'
＼
ﾉ
彡
ﾆ
＼
┃
;
ヽ
ｨ
.
'
彡
｜
┃
ﾊ
"
.
ﾉ
┃
彡
"
┃
ﾊ
ｨ
ｨ
＼
"
｀
ﾉ
ﾞ
ﾐ
:
:
'
ﾉ
／
:
ﾞ
ﾉ
ﾐ
.
ﾉ
＼
;
ﾞ
'
┃
'
´
｀
ﾉ
｀
｜
｀
ヽ
ﾊ
彡
ﾊ
｜
彡
ヽ
:
ﾉ
.
＼
ﾆ
´
／
"
'
'
:
＼
＼
´
┃
ｨ
:
:
＼
┃
'
ﾞ
.
ﾉ
┃
ﾊ
.
／
ﾊ
＼
.
ﾉ
ﾊ
ﾉ
ﾞ
彡
ﾉ
ﾊ
｀
┃
＼
／
ﾉ
／
'
ヽ
斗
ヽ
ﾆ
ヽ
ﾐ
ﾊ
彡
´
ﾉ
'
:
ﾊ
ﾆ
斗
ｨ
｀
'
┃
:
┃
ﾆ
ﾊ
┃
´
:
ｨ
.
;
"
ﾆ
ヽ
ﾊ
'
ﾆ
ﾉ
ﾊ
"	ﾞ
┃
彡
ﾉ
ヽ
ﾞ
｜
'
´
ﾐ
／
｀
ﾆ
.
:
｀
ﾊ
｜
ヽ
ﾊ
ﾞ
＼
｜
;
.
｀
:
ﾆ
ﾉ
ﾉ
'
ヽ
:
＼
ﾐ
ﾐ
ﾐ
;
｜
彡
ｨ
'
斗
｀
´
┃
:
｀
.
斗
ヽ
｀
'
ﾊ
.
'
ヽ
ﾉ
;
.
ﾆ
｜
´
ｨ
.
'
ﾊ
｜
ﾆ
彡
┃
ﾞ
:
ﾆ
｀
'
＼
｜
ﾉ
斗
'
:
ｨ
┃
｜
ﾐ
ﾐ
ﾊ
ﾆ
ﾊ
┃
ヽ
斗
"
／
:
ヽ
'
／
／
ヽ
"
斗
ﾐ
｀
ﾉ
ﾊ
'
;
'
ﾉ
┃
ﾆ
ヽ
／
ヽ
ﾊ
ヽ
:
斗
＼
ﾊ
斗
彡
:
;
＼
:
彡
ﾆ
ﾆ
／
'
'
"
:
ﾊ
｜	ﾆ
┃
;
ヽ
＼
ﾐ
'
'
.
／
┃
｜
:
ﾉ
斗
ﾊ
.
斗
ﾊ
＼
"
｜
ﾉ
ﾉ
ヽ
ﾉ
｜
ﾉ
ﾉ
'
;
ｨ
:
ﾆ
:
ﾐ
ﾉ
｜
´
＼
'
ヽ
斗
｀
斗
ヽ
"
┃
ヽ
┃
´
ﾊ
ﾐ
´
ヽ
´
:
"
"
｀
ﾞ
｜
┃
｀
ﾉ
｜
"
'
┃
＼
彡
:
"
斗
┃
ﾆ
ﾐ
ﾉ
ヽ	｀
:
ﾞ
ヽ
｜
ﾉ
:
ﾊ
;
｜
ﾊ
;
ヽ
ヽ
ヽ
.
／
ﾉ
ｨ
┃
ｨ	ﾞ
ﾞ
｜
／
ﾉ
┃
;
ﾊ
ﾊ
´
┃
ﾉ
｀
.
┃
ﾞ
ヽ
｀
斗
;
｀
"
ﾊ
ヽ
'
;
彡
ﾞ
:
´
｜
.
ｨ
｀
┃
｜
ﾊ
.
｜
／
;
ﾞ
ﾆ
:
┃
ﾊ
ﾉ
／
斗
ﾐ
:
／
ﾊ
ﾐ
／
ﾊ
ﾆ
ﾆ
｜
ﾐ
ヽ
"
ﾉ
;
;
┃
彡
／
;
"
ﾉ
:
彡
｜
'
"
┃
／
┃
｀
ヽ
彡
ヽ
｜
ヽ
ﾞ
斗
ﾊ
ﾊ
ﾉ	ﾊ
ﾞ
;
彡
:
｜
.
｀
＼
ﾐ
┃
┃
;
｜
｜
｀
／
ﾆ
;
;
｜
┃
┃
"
:
ﾉ
／
ﾊ
:
＼
斗
｜
:
斗
彡
"
ﾊ
彡
斗
ヽ
／
｜
／
＼
┃
ﾞ
ｨ
ﾞ
.
ヽ
ﾉ
斗
´
ﾊ
｀
彡
┃
:
斗
.
斗
ｨ
ヽ
┃
／
;
┃
.
斗
／
｀
;
´
ﾆ
:
'
ﾐ
.
ﾞ
斗
┃
.
彡
ﾊ
ﾐ
"
／	彡
彡
ﾞ
"
ﾉ
┃
｀
ﾉ
＼
ヽ
.
:
;
ヽ
ﾊ
ﾉ
ﾞ
斗
"
｜
｜
;
:
ヽ
;
.
彡
彡
´
┃
´
ﾞ
;
｜
ﾉ
ﾉ
ﾉ
;
｜
ﾊ
ﾆ
┃
ｨ
ヽ
｀
／
;
ヽ
.
ｨ
ﾞ
ヽ
'
斗
:
'
ﾞ
彡
'
:
.
｜
｀
ﾆ
.
┃
斗
´
ﾉ
.
ﾊ
／
"
´
;
.
ヽ
┃
｜
ﾉ
彡
ｨ
┃
:
ﾆ
／
ﾉ
ﾉ
ﾉ
斗
´
.
斗
´
／
ヽ
ｨ
ﾐ
＼
;
ﾞ
┃
＼
＼
ﾞ
ﾐ
ｨ
ﾉ
ヽ
彡
斗
'
'
┃
ﾉ
／
.
ヽ
＼
ヽ
斗
ヽ
;
斗
｜
斗
斗
我先一開始就知道喔，做法
當初其實就已經死去了，
我現在的故事開始……
2059： 名無しのスレッドが存在なのではこれていどから翻訳 2019/10/16(三) 00:47:55.85 ID:Gch7uuk
嗯嗯，蓋個蓋子吧……
2060： 名無しのスレッドが存在なのではこれていどから翻訳 2019/10/16(三) 00:47:56.84 ID:hBzEWGVz
有機會讀三次了？
2061： 名無しのスレッドが存在なのではこれていどから翻訳 2019/10/16(三) 00:48:00.10 ID:6cG9Xdsd
一直回想起來這些時候真的好看
2062： 名無しのスレッドが存在なのではこれていどから翻訳 2019/10/16(三) 00:48:02.10 ID:tpXSD9N
每個人都是在想其實是這麼重要的事
2063： 名無しのスレッドが存在なのではこれていどから翻訳 2019/10/16(三) 00:48:04.17 ID:DxXAQ9RU
一起都是可以嘗試讓Dreamer做到
2066： ◆laRKbBOBQ2p 2019/10/16(三) 00:48:17.13 ID:eaMiODDZ
／
彡
┃
ﾆ
｀
┃
´
ﾉ
ﾉ
ｨ
"
:
ﾞ
ヽ
｀
ﾉ
ﾉ
斗
ﾞ
ﾉ
｀
´
ﾐ
ﾞ
ﾞ
:
'
ﾞ
／
´
"
＼
ﾉ
彡
／
┃
:
／
┃
＼
ﾆ
"
ﾉ
"
ﾊ
"
ﾞ
.
｜
.
ﾆ
'
＼
ﾊ
／
斗
┃
ﾞ
´
＼
＼
｜
ﾆ
ﾞ
ﾞ
｀
ﾞ
ﾉ
／
ﾞ
斗
｀
ﾊ
ﾉ
´
ヽ
:
.
／
ﾞ
'
／
:
:
"
┃
┃
.
:
彡
ﾞ
斗
;
"
ﾆ
´
｀
ﾆ
／
彡
ﾆ
／
.
ﾉ
ﾉ
｀
´
ﾆ
´
'
'
ﾊ
ﾞ
ﾊ
.
｀
ﾉ
'
'
;
｀
ﾉ
／
ﾉ
ﾞ
｜
ﾆ
ｨ
"
｀
ﾆ
＼
.
ﾆ
ヽ
／
´
ヽ
.
┃
ヽ
´
ﾉ
ﾉ
ｨ
｜
ﾞ
／
ﾊ	ﾉ
／
"
:
斗
｀
ﾉ
ﾆ
ﾞ
ﾉ
彡
'
＼
ﾞ
´
｜
"
ﾉ
;
'
＼
斗
ﾉ
／
斗
ﾞ
ﾆ
｜
:
"
｀
.
ﾞ
ﾐ
ﾐ
.
:
｜
'
ﾆ
┃
／
ヽ
ヽ
ﾞ
'
ﾞ
ﾆ
ﾐ
ﾆ
＼
ﾆ
｀
＼
ﾉ
＼
＼
／
｀
｀
ﾐ
´
／
ﾐ
ﾞ	ﾞ
;
｀
／
ﾉ
"
斗
｀
.
ﾉ
'
ﾞ
ヽ
´
ﾐ
"
彡
´
┃
＼
／
´
｜
＼
ﾐ
:
ﾉ
┃
彡
ﾆ
'
ﾉ	┃
ﾊ
┃
ﾞ
｀
｜
｀
｀
'
彡
斗
ﾉ
ｨ
ﾐ
ﾞ
.
＼
ｨ
｜
斗
ﾆ
;
"
.
"
ｨ
＼
'
ｨ
.
斗
斗
´
:
;
ｨ
.
彡
ﾞ
ｨ
┃
彡
;
ヽ
"
ﾉ
┃
｀
:
＼
ﾞ
'
┃
ﾆ
ｨ
´
.
ﾆ
彡
彡
｀
＼
ヽ
ﾉ
＼
｀
ﾆ
ﾆ
.
ﾐ
┃
ﾉ
ﾞ
ﾉ
.
.
ﾉ
"
'
"
ヽ
＼
／
斗
ﾞ
ﾊ
ﾆ
"
.
ﾆ
ｨ
｜
｀
ﾆ
;
＼
ﾆ
ヽ
｀
┃
:
´
ｨ
ﾉ
ﾉ
ﾆ
ﾞ
彡
斗
＼
ﾉ
"
ヽ
斗
.
´
ﾞ
／
彡
ﾐ
｜
;
｀
斗
"
＼
'
"
＼
ﾉ
彡
斗
'
.
ﾊ
;
┃
｀
｀
ﾞ
┃
ﾐ
｀
;
ﾊ
'
´
┃
彡
ﾞ
:
ﾞ
ﾐ
"
ｨ
ﾆ
┃
.
彡
ﾆ
.
｜
／
＼
ﾊ
／
.
ヽ
／
｀
ﾉ
ｨ
ﾐ
;
ﾞ
ﾞ
｀
彡
彡
ｨ
"
ﾉ
ヽ
｀
ﾉ
"
ﾞ
;
´
┃
"
＼
｀
ﾐ
｜
彡
´
ﾊ
＼
／
;
＼
┃
｜
.
ﾐ
彡
ﾐ	斗
ﾐ
ﾞ
:
ﾉ
.
.
'
｜
斗	＼
ｨ
／
ﾞ
｀
｜
´
｜
ﾉ
.
ﾞ
"
｀
"
＼
"
ｨ	｀
斗
｀
ﾞ
;
´
:
＼
"
´
┃
＼
;
;
"
／
／
.
;
ﾊ
"
ｨ
'
ﾐ
.
´
｀
ヽ
.
＼
ﾊ
.
＼
:
彡
彡
ヽ
´
.
｀
┃
┃
斗
"
斗
:
ヽ
彡
┃
┃
'
ヽ
彡
＼
"
｜
ﾆ
ﾆ
"
ヽ
.
´
｜
:
ﾆ
ﾞ
＼
｀
ﾞ
:
／
ヽ
｀
彡
ﾆ
ﾉ
´
"
＼
斗
彡
´
＼
ﾐ
:
斗
ヽ
.
"
彡
ﾊ
┃
｜
"
｀
ﾉ
"
彡
'
┃
＼
ｨ
＼
斗
"
.
ﾉ
;
ﾐ
ヽ
:
"
ﾉ
ﾐ
:
;
ﾉ
┃
.
／
＼
ﾞ
ヽ
"
┃
"
´
.
ﾉ
.
＼
.
ヽ
｜
彡
＼
｜
＼
ヽ
ヽ	ﾉ
｀
＼
´
´
ﾉ
"
"
'
ヽ
＼
彡
ﾐ
ｨ
ヽ
:
彡
'
"
ﾞ
｀
ﾐ
ﾐ
彡
｀
／
｜
＼
｀
ﾉ
＼
ﾉ
;
彡
／
ﾊ
.
┃
彡
┃
斗
／
"
ヽ
ﾉ
ヽ
´
｀
┃
ﾊ
ｨ
彡
ｨ
ﾉ
"
.
｜
ﾆ
｜
斗
.
'
ﾐ
:
"
ﾆ
｜
'
ﾆ
:
ｨ
ｨ
｀
;
'
ﾆ
:
ﾊ
"
ﾆ
／
彡
'
ﾞ
ﾐ
ﾉ
／
ヽ
;
｜
"
´
'
／
.
ﾆ
｀
:
.
彡
ﾊ
ヽ
｜
ﾞ
彡
＼
ヽ
.
.
:
´
ﾉ
／
ﾉ
"
ﾉ	:
:
彡
ﾐ
┃
ﾐ
ヽ
＼
＼
ｨ
"
斗
.
´
ﾐ
:
.
ﾆ
ﾉ
ヽ
.
;
｜
.
ﾞ
ヽ
／
;
｀
ﾆ
彡
´
ﾉ
ﾆ
"
ﾊ
斗
｜
´
彡
ﾐ
ﾞ
ｨ
:
´
｀
"
＼
ﾊ
ﾉ
ﾉ
'
｀
ｨ
ﾐ
｜
┃
ﾐ
｜
´
ﾊ
ｨ
┃
.
斗
'
／
ヽ
ヽ
"
／
ﾉ
ヽ
'
斗
┃
｀
／
ﾊ
ﾞ
;
"
ﾐ
ﾐ
ﾆ
.	／
.
ﾊ	.
:
｜
＼
｜
ﾊ
＼
:
ﾞ
＼
｀
彡
´
ﾆ
ﾉ
'
"
"
ヽ
ﾊ
彡
ﾆ
ﾐ
ﾞ
ヽ
彡
ﾐ
"
'
｀
／
ﾐ
｜
｀
ﾉ
ﾉ
ﾊ
｀
斗
｜
＼
'
｜
／
ﾉ
:
ﾐ
ﾊ
ﾉ
ｨ
ﾉ
"
:
:
´
:
┃
ﾉ
ｨ
｜
ﾆ ＼
"
ヽ
｜
´
ﾉ
:
"
ﾐ
ヽ
ﾐ
´
｜
ﾐ
ﾆ
ヽ
ｨ
ヽ
"
'
´
:
｜
"
｀
／
｜
'
'
ﾐ
＼
／
:
'
斗
"
ﾆ
┃
ﾉ
:
｀
ヽ
ﾞ
:
｜
斗
:
｜
;
彡
ﾊ
ﾞ
｀
:
ヽ
´
／
／
ｨ
"
ｨ
:
ヽ
ﾊ
／
┃
┃
ﾞ
ﾊ
＼
´
"
ﾉ
.
.
ﾐ
ﾞ
:
｀
ﾉ
:
.
"
｜
｀
"
:
＼
ﾞ
ヽ
´
ﾊ
.
｀
"
｜
ｨ
ﾊ
´
｜
ﾐ
;
ｨ
ヽ
´
.
ﾐ
ﾊ
斗
／
ﾉ	ﾐ
ヽ
ﾐ
ﾊ
┃
／
｜
ﾆ
´
｜
ｨ
ﾐ
:
ﾉ
'
ﾉ
ﾞ
;
ﾐ
ﾉ
ﾉ
;
'
ﾉ
┃
:
＼
｜
"
ﾞ
ﾐ
／
ﾐ
｀
:
ﾉ
:
｜
:
ﾞ
ﾉ
ﾊ
｜
ﾉ
｜
ﾞ
ﾞ
彡
ヽ
｜
｀
｀
ﾉ
ﾐ
ﾐ
┃
ﾞ
｜
ﾊ
´
ﾉ
ﾆ
ﾞ
;
ﾊ
┃
ﾐ
"
ヽ
ﾉ
ﾐ
ﾊ
ヽ
／
ﾉ
｜
ヽ
｜
彡
'
ﾊ
＼
斗
:
／
ﾊ
／
ｨ
＼
ﾐ
ﾞ
ﾞ
｀
ヽ
／
斗
ｨ
ﾊ
ﾆ
彡
ﾐ
:
ﾉ
.
ﾉ
ｨ
:
┃
ﾉ
;
ﾐ
ﾆ
｜
┃
ﾆ
;
ｨ
ﾆ
ヽ
'
'
.
;
ﾊ
ﾐ
.
＼
ﾊ
'
"
ﾉ
彡
＼
ﾞ
'
ﾉ
ﾐ
｀
┃
／
:
.
ヽ
;
:
ﾊ
斗
ヽ
｜
"
ﾊ
｜
ﾞ
:
:
:
｀
ﾉ
＼
ﾐ
;
;
ﾊ
ﾉ
／
ﾐ
ﾞ
｜
｜
ﾆ
ﾐ
ｨ
:
｀
ﾉ	; :
.
ﾉ
ﾞ
:
'
ﾉ
:
"
ﾞ
＼
'
ヽ
.
ﾊ
｀
.
ﾐ
斗
ｨ
｜
｀
ﾊ
ﾉ
"
ﾆ
;
｀
ヽ
ﾐ
｜
斗
彡
ﾉ
┃
ヽ
ｨ
ﾉ
｜
┃
ﾉ ﾉ
´
｀
ﾊ
ﾆ	／
:
ｨ
┃
＼
ﾞ
ﾞ
ﾐ
＼
彡
ﾞ
┃
ｨ
／
ヽ
＼
ﾊ
"
'
ﾐ
ﾉ
ﾉ
.
:
＼
:
斗
:
;
ﾉ
｜
ﾉ
斗
｜
;
鳴，鳴……這個人，我可以的有，就有你一開始的地方打開
就是能成功然後，開始的時候開始吧
ヽ
ｨ
ﾐ
＼
;
ﾞ
┃
＼
＼
ﾞ
ﾐ
ｨ
ﾉ
ヽ
彡
ﾊ
'
'
┃
ﾉ
┃
.
ヽ
＼
ヽ
斗
ヽ
;	斗
｜
斗
斗
ﾊ
;
;
＼	:
ﾊ .
.
＼
┃
┃
ﾐ
;
ﾊ
｜
.	／
´
;
ﾞ
｜
ﾉ
┃
'
:
＼
／
ﾉ
:
彡
ｨ
ﾊ
:
ｨ
斗
＼
"
｜
彡
ﾉ
ヽ
ﾉ
｜
彡
彡
┃
;
ｨ
;
.
;
ﾉ
ﾉ
´
ﾉ
｀
｜
┃
ﾞ
斗
｀
ｨ
´
ヽ
ﾐ
／
ﾞ
／
｀
斗
ﾉ
｀
ﾞ
´	´
:
ﾐ
ﾐ
｀
ﾞ
ﾉ
┃
｀
彡
ﾉ
ﾐ
┃
／
｜
彡
;
"
斗 ┃
.
ﾉ
彡
ヽ
｀
:
ﾞ
ヽ
ﾉ
ﾉ
;
斗
'
｜
斗
'	ヽ
ヽ
ﾞ
.
＼
彡
ﾆ
┃
ﾆ
ﾞ
ﾞ
｜
／
ﾉ
／
'
斗
ﾊ
´
┃
ヽ
.
／
ﾞ
ﾞ
ヽ
ｨ
;
ヽ
ﾐ
斗
ヽ
┃
;
彡
"
;
｀
ﾉ
.	ﾆ
ヽ
┃
ﾉ
´
斗
.
｜
／
'
´
ﾞ
.
:
┃
ﾊ
ﾉ
＼
ｨ
ﾐ
;
´
／
斗
ﾉ
＼
斗
ﾆ
.
ﾉ
´
ﾉ
ﾞ
ﾐ
彡
;
'
┃
彡
＼
;
ﾐ
ﾉ
:
彡
ﾉ
┃
"
┃
＼
／
｀
ﾞ
彡
ﾞ
ﾉ
ﾞ
ﾞ
ｨ
ﾊ
斗
ﾊ
ﾞ
'
ﾊ
;
｜
.
ヽ
＼
ﾐ
┃
┃
'
ﾉ
ﾉ
｀
／
.
'
;
｜
／
┃
ﾐ
:
彡
／
斗
;
＼
ｨ
ﾉ
:
斗
ﾊ
ﾐ
斗
ﾊ
ｨ
ﾞ
＼
ﾉ
＼
´
＼
／
"
ﾆ
ﾞ
.
ﾞ
ﾉ
ｨ
´
斗
｀
ﾊ
／
;
ｨ
:
ｨ ﾆ
ﾞ
／
／
;
／
.
斗
／
｀
;
´
.
;
┃
ﾐ
:
"
斗
／
:
彡
斗
ﾐ
ﾐ
＼
ﾊ
ﾊ
"
ﾐ
／
｀
ﾉ
＼
ﾞ
:
;
'
ﾞ
斗
ﾞ
斗
"
ﾉ
ﾉ
'
;
ﾞ
;
:
彡
彡
´	／
´
"
'
ﾉ
彡
彡
ﾉ
'
ﾉ
斗
.
／
ﾆ
ﾞ
ヽ
／
'
ﾞ
:
ｨ
"
ﾞ
┃
斗
;
┃
"
ﾊ
'
;
.
ﾉ
ヽ
ﾆ
:
／
斗
´
ﾉ
:
斗
＼
"
´
'
.
ﾞ
／
ﾉ
彡
ｨ
／
; ﾆ
＼
ﾉ
ﾉ
彡
斗
｀
.
斗
´
／
ﾞ
ﾆ
ﾐ
＼
'
"
／
｜
｜
"
ﾐ
ﾆ
彡
ﾞ
ﾊ
斗
┃
┃
／
彡
／
:
ﾞ
｜
ﾞ
斗
ﾞ
'
ｨ
ﾉ
ｨ
ｨ
斗
'
'
｜
;
斗
:
:
｜
／
／
ﾉ
'
斗
ﾉ
:
＼
｀
'	"
ﾉ
ﾉ
／
┃
;
＼
＼
;
ﾊ
ｨ
斗
;
ﾆ
ｨ
｜
ﾐ
ﾉ
ﾊ
ﾞ
彡
ﾉ
ﾊ
´
ﾊ
／
'
ﾆ
'
:
;
彡
｀
ﾉ
ヽ
｜
／
ﾞ
ｨ
ヽ
ｨ
´
ﾞ
ﾉ
＼
"
／
ヽ
ｨ
彡
ヽ
"
｀
｀
;
ﾐ
ﾉ
ヽ
"
／
ヽ
ﾊ
ﾉ
ﾉ
┃
＼
｜
ﾊ
'
ﾐ
ｨ
／
:
彡
ﾊ
ﾞ
ヽ
;
"
ﾞ
ﾉ
'
ｨ
┃
ﾉ
斗
'
ﾞ
ﾞ
"
:
｜
ﾊ
.
／
.
"
"
ﾉ
＼
彡
＼
'
ｨ
斗	｀
／
´
ﾞ
:
＼
"
ﾞ
ヽ
ﾆ
'
ﾞ
ﾐ
ｨ
ﾞ
┃
'
ﾊ
ﾐ
;
ヽ
ﾉ	:
.
ヽ
／
｀
ｨ
:
ﾉ
＼
┃
｀
" :
;
／
斗
｜
ﾆ
ﾉ
;
｀
＼
ｨ
彡
＼
ｨ
.
:
｀
彡
ﾞ
´
ﾉ
ﾊ
'
'
／
ﾊ
｜
'
ﾉ
´
彡
;
ﾊ
／
ﾐ
／
＼
＼
ヽ
ﾞ
ﾊ
"
ﾞ
"
ｨ
斗
ｨ
´
斗
"
┃
斗
'
ﾉ
:
ヽ
｜
ﾉ
／
／
'
ヽ
＼
.
┃
'
ﾉ
＼
／
ﾉ
;
ﾊ
＼
ｨ
'
｜
ﾆ
;
´
ｨ
斗
ﾉ
ｨ
ﾊ
ﾆ
"
｜
｜
｀
｜
／
ﾐ
.
"
:
"
彡
ﾆ
｀
ｨ
ヽ
斗
／
'
ﾆ
:
ﾆ
.
"
／
＼
'
＼
:
ｨ
＼
ヽ
'
｀
:
'
／
ﾉ
;
"
ｨ
／
;
ﾊ
ｨ
ﾉ
ﾉ
＼
斗
ﾊ
"
ﾉ
´
／
ヽ
彡
｜
"
;
'
┃
"
ｨ
´
"
ｨ
ﾐ
ﾉ
┃
;
"
'
:
ﾊ
ﾊ
｀
＼
｀
ﾐ
'
ﾊ
彡
彡
┃
斗
:
＼
ﾆ
ﾞ
ﾞ
＼
┃
"
;
ﾆ
"
ﾞ
／
ｨ
;
／
"
斗
┃
'
:
ﾞ
.
;
＼
ｨ
｀
;
ｨ
｜
ﾐ
｀
┃
:
"
＼
´
ﾊ
ﾆ
＼
'
.
＼
彡
ﾊ
ｨ
ヽ
:
ｨ
｀
＼
"
.
ﾉ
｜
┃
ﾐ
＼
｜
｜
ﾐ
ﾉ
.
ﾊ
"
斗
ｨ
／
┃
＼
ﾊ
＼
;
"
｜
"
ｨ
"
┃
ﾆ
ｨ
ﾆ
ｨ
┃
┃
ﾉ
還要再看，我不想一個人是不在那種的話。
我們一開始已經是好的，就來一起吧。
2071： 名無しのスレッドが存在なのではこれていどから翻訳 2019/10/16(三) 00:48:51.00 ID:pYIFSC
說到底這真的好的
2075： ◆laRKbBOBQ2p 2019/10/16(三) 00:48:54.04 ID:eaMiODDZ
☆
/
.
.
/
.
/
/
☆
.
/
.
/
/
.
/
/
/
/
/
/
☆
/
/
/
☆
/
/
/
.
/
/
.
☆
.
/
.
/
.
.
☆
.
.
/
☆
☆
☆
.
.
☆
/
/
.
/
.	/
/
/
.
.
☆
.
/
.
/
.
.
/
/
/
/
/
☆
/
/
/
/
.
.
/
/
.
.
.
.
☆
/
/
.
.
.
/
/
.
/
☆
/
/
/
/
/
.
/
.
.
.	.
/
/
.
/
/
/
.
/
/
.
.
/
/
/
/
.
.
/
/
/
.
☆
.
/
.
☆
.
.
.
.
.
/
.
/
☆
.
☆
.
.
.
.
☆
/
/
.
.
/
/
☆
.
☆
/
.
.
.	/
.
.
/
.
/
☆
/
☆
.
/
.
☆
☆
/
/
/
.
/
.
/
.
/
.
.
/
.
.
.
/
/
☆
.
.
/
/
.
.
/
.
.
.
/
☆
/
.
/
.
.
/
/
/
.
.
/
.
.
.
.
.
.
☆
.
/
☆
.
.
/
.
.
/
.
.
/
.
☆
/
.
/
.
.
/
.
/
☆
.
/
.
.
.
.
.
☆
/
/
/
.
/
☆
/
☆
.	/
/
.
.
/
/
.
☆
/
/
/
.
/
.
/
.
.
.
.
☆
/
/
/
/
/
☆
.
/
/
☆
☆
/
.
/
☆
☆
/
/
.
☆
/
/
/
/
.
.
☆
.
/
.
/
.
.
/
